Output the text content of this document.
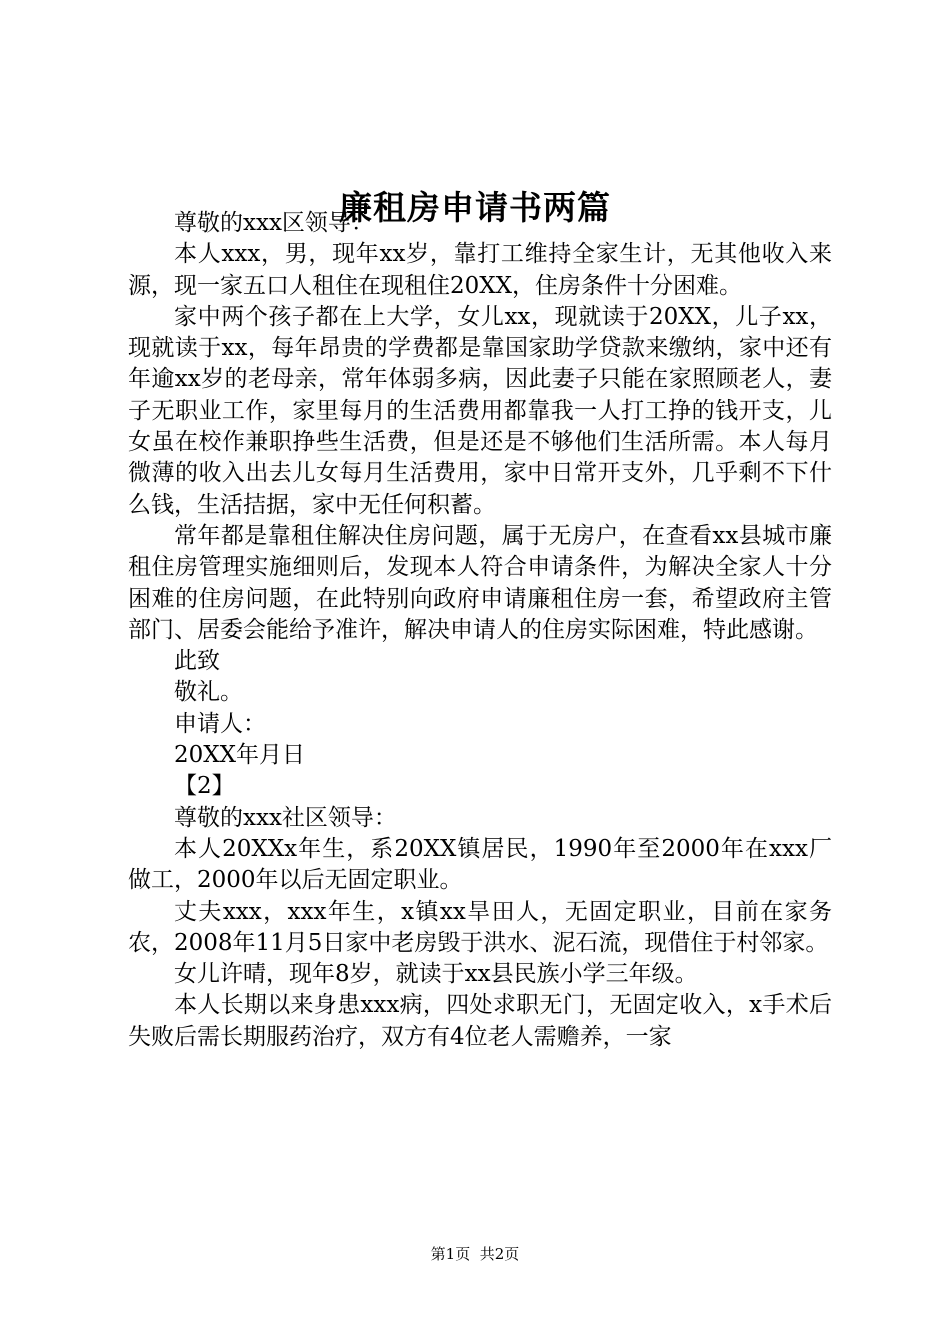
廉租房申请书两篇

尊敬的xxx区领导：

本人xxx，男，现年xx岁，靠打工维持全家生计，无其他收入来源，现一家五口人租住在现租住20XX，住房条件十分困难。

家中两个孩子都在上大学，女儿xx，现就读于20XX，儿子xx，现就读于xx，每年昂贵的学费都是靠国家助学贷款来缴纳，家中还有年逾xx岁的老母亲，常年体弱多病，因此妻子只能在家照顾老人，妻子无职业工作，家里每月的生活费用都靠我一人打工挣的钱开支，儿女虽在校作兼职挣些生活费，但是还是不够他们生活所需。本人每月微薄的收入出去儿女每月生活费用，家中日常开支外，几乎剩不下什么钱，生活拮据，家中无任何积蓄。

常年都是靠租住解决住房问题，属于无房户，在查看xx县城市廉租住房管理实施细则后，发现本人符合申请条件，为解决全家人十分困难的住房问题，在此特别向政府申请廉租住房一套，希望政府主管部门、居委会能给予准许，解决申请人的住房实际困难，特此感谢。

此致

敬礼。

申请人：

20XX年月日

【2】

尊敬的xxx社区领导：

本人20XXx年生，系20XX镇居民，1990年至2000年在xxx厂做工，2000年以后无固定职业。

丈夫xxx，xxx年生，x镇xx旱田人，无固定职业，目前在家务农，2008年11月5日家中老房毁于洪水、泥石流，现借住于村邻家。

女儿许晴，现年8岁，就读于xx县民族小学三年级。

本人长期以来身患xxx病，四处求职无门，无固定收入，x手术后失败后需长期服药治疗，双方有4位老人需赡养，一家

第1页 共2页
